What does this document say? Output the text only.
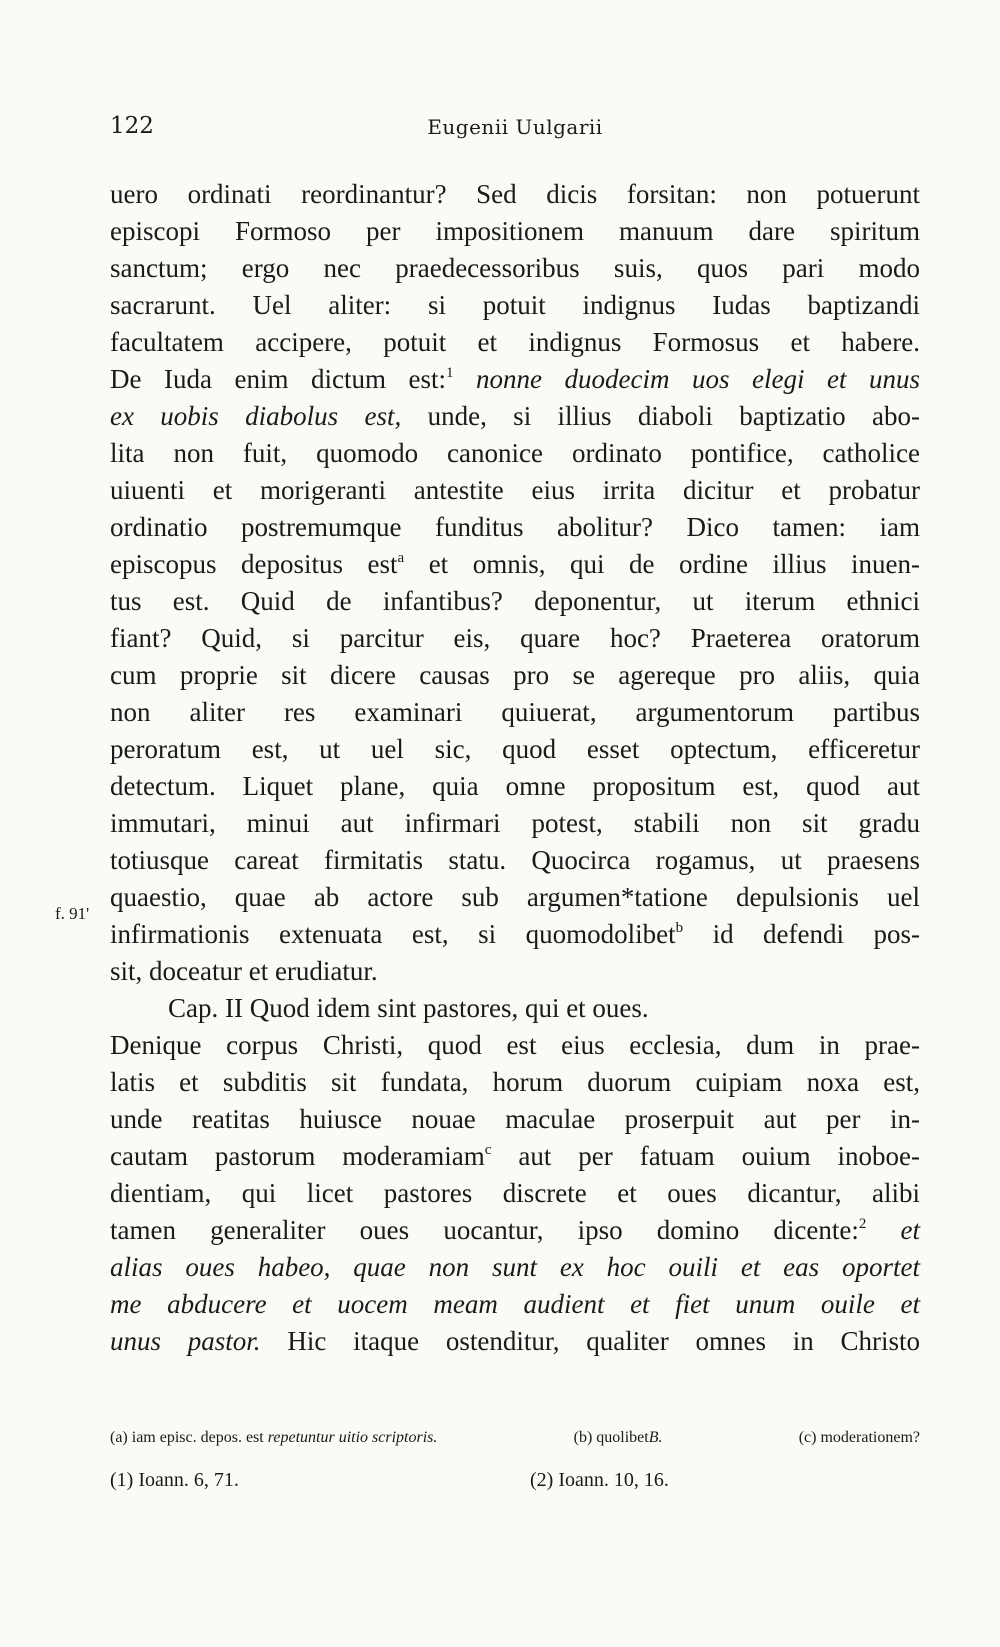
122	Eugenii Uulgarii
f. 91'
uero ordinati reordinantur? Sed dicis forsitan: non potuerunt
episcopi Formoso per impositionem manuum dare spiritum
sanctum; ergo nec praedecessoribus suis, quos pari modo
sacrarunt. Uel aliter: si potuit indignus Iudas baptizandi
facultatem accipere, potuit et indignus Formosus et habere.
De Iuda enim dictum est:$^1$ nonne duodecim uos elegi et unus
ex uobis diabolus est, unde, si illius diaboli baptizatio abo-
lita non fuit, quomodo canonice ordinato pontifice, catholice
uiuenti et morigeranti antestite eius irrita dicitur et probatur
ordinatio postremumque funditus abolitur? Dico tamen: iam
episcopus depositus est$^a$ et omnis, qui de ordine illius inuen-
tus est. Quid de infantibus? deponentur, ut iterum ethnici
fiant? Quid, si parcitur eis, quare hoc? Praeterea oratorum
cum proprie sit dicere causas pro se agereque pro aliis, quia
non aliter res examinari quiuerat, argumentorum partibus
peroratum est, ut uel sic, quod esset optectum, efficeretur
detectum. Liquet plane, quia omne propositum est, quod aut
immutari, minui aut infirmari potest, stabili non sit gradu
totiusque careat firmitatis statu. Quocirca rogamus, ut praesens
quaestio, quae ab actore sub argumen*tatione depulsionis uel
infirmationis extenuata est, si quomodolibet$^b$ id defendi pos-
sit, doceatur et erudiatur.
Cap. II Quod idem sint pastores, qui et oues.
Denique corpus Christi, quod est eius ecclesia, dum in prae-
latis et subditis sit fundata, horum duorum cuipiam noxa est,
unde reatitas huiusce nouae maculae proserpuit aut per in-
cautam pastorum moderamiam$^c$ aut per fatuam ouium inoboe-
dientiam, qui licet pastores discrete et oues dicantur, alibi
tamen generaliter oues uocantur, ipso domino dicente:$^2$ et
alias oues habeo, quae non sunt ex hoc ouili et eas oportet
me abducere et uocem meam audient et fiet unum ouile et
unus pastor. Hic itaque ostenditur, qualiter omnes in Christo
(a) iam episc. depos. est repetuntur uitio scriptoris.	(b) quolibetB.	(c) moderationem?
(1) Ioann. 6, 71.	(2) Ioann. 10, 16.
